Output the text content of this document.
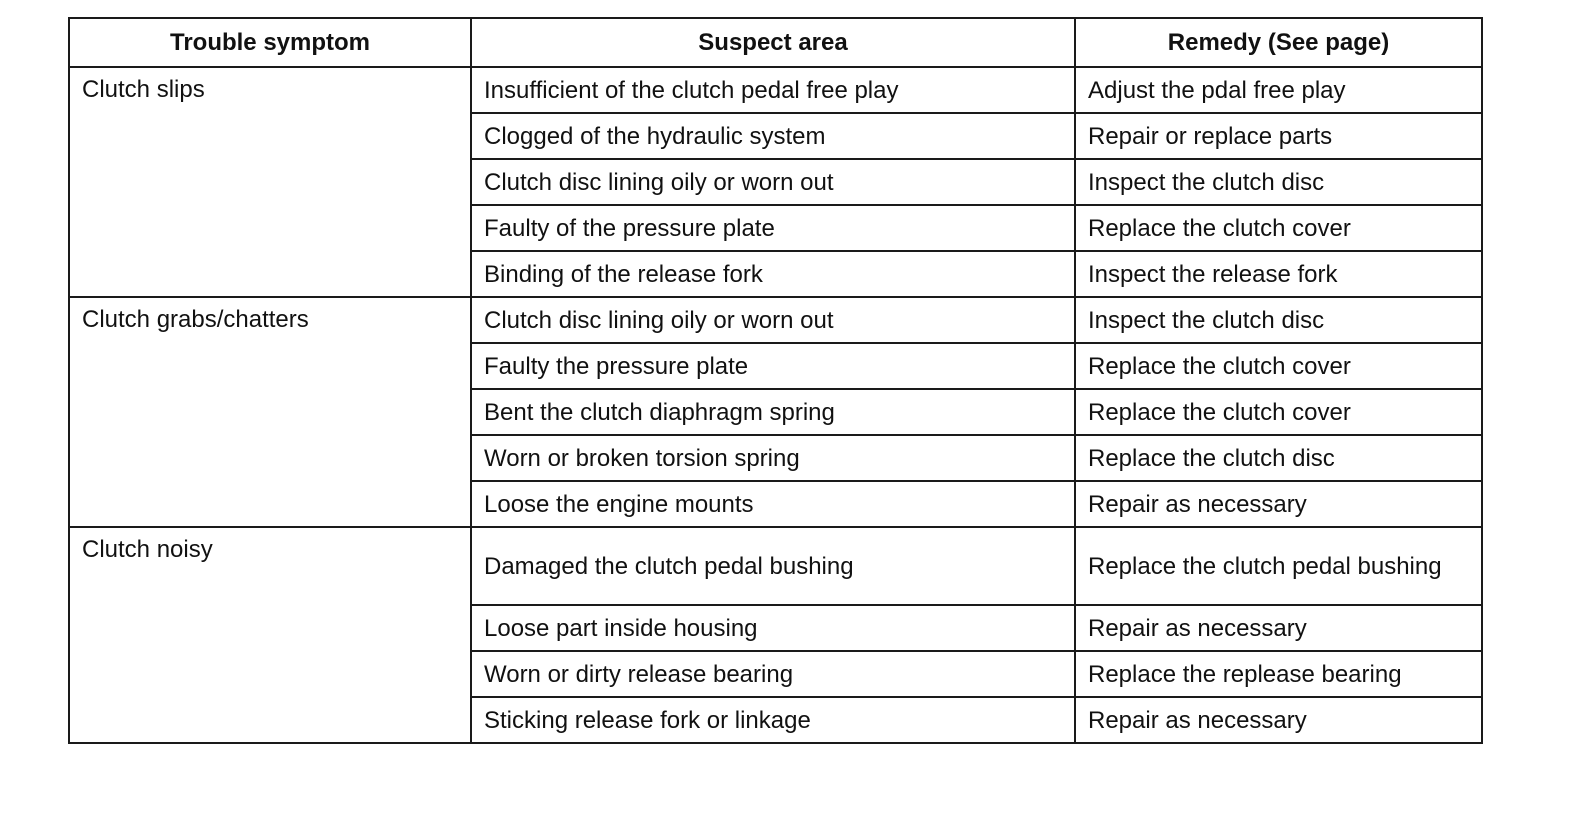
Trouble symptom	Suspect area	Remedy (See page)
Clutch slips	Insufficient of the clutch pedal free play	Adjust the pdal free play
	Clogged of the hydraulic system	Repair or replace parts
	Clutch disc lining oily or worn out	Inspect the clutch disc
	Faulty of the pressure plate	Replace the clutch cover
	Binding of the release fork	Inspect the release fork
Clutch grabs/chatters	Clutch disc lining oily or worn out	Inspect the clutch disc
	Faulty the pressure plate	Replace the clutch cover
	Bent the clutch diaphragm spring	Replace the clutch cover
	Worn or broken torsion spring	Replace the clutch disc
	Loose the engine mounts	Repair as necessary
Clutch noisy	Damaged the clutch pedal bushing	Replace the clutch pedal bushing
	Loose part inside housing	Repair as necessary
	Worn or dirty release bearing	Replace the replease bearing
	Sticking release fork or linkage	Repair as necessary
